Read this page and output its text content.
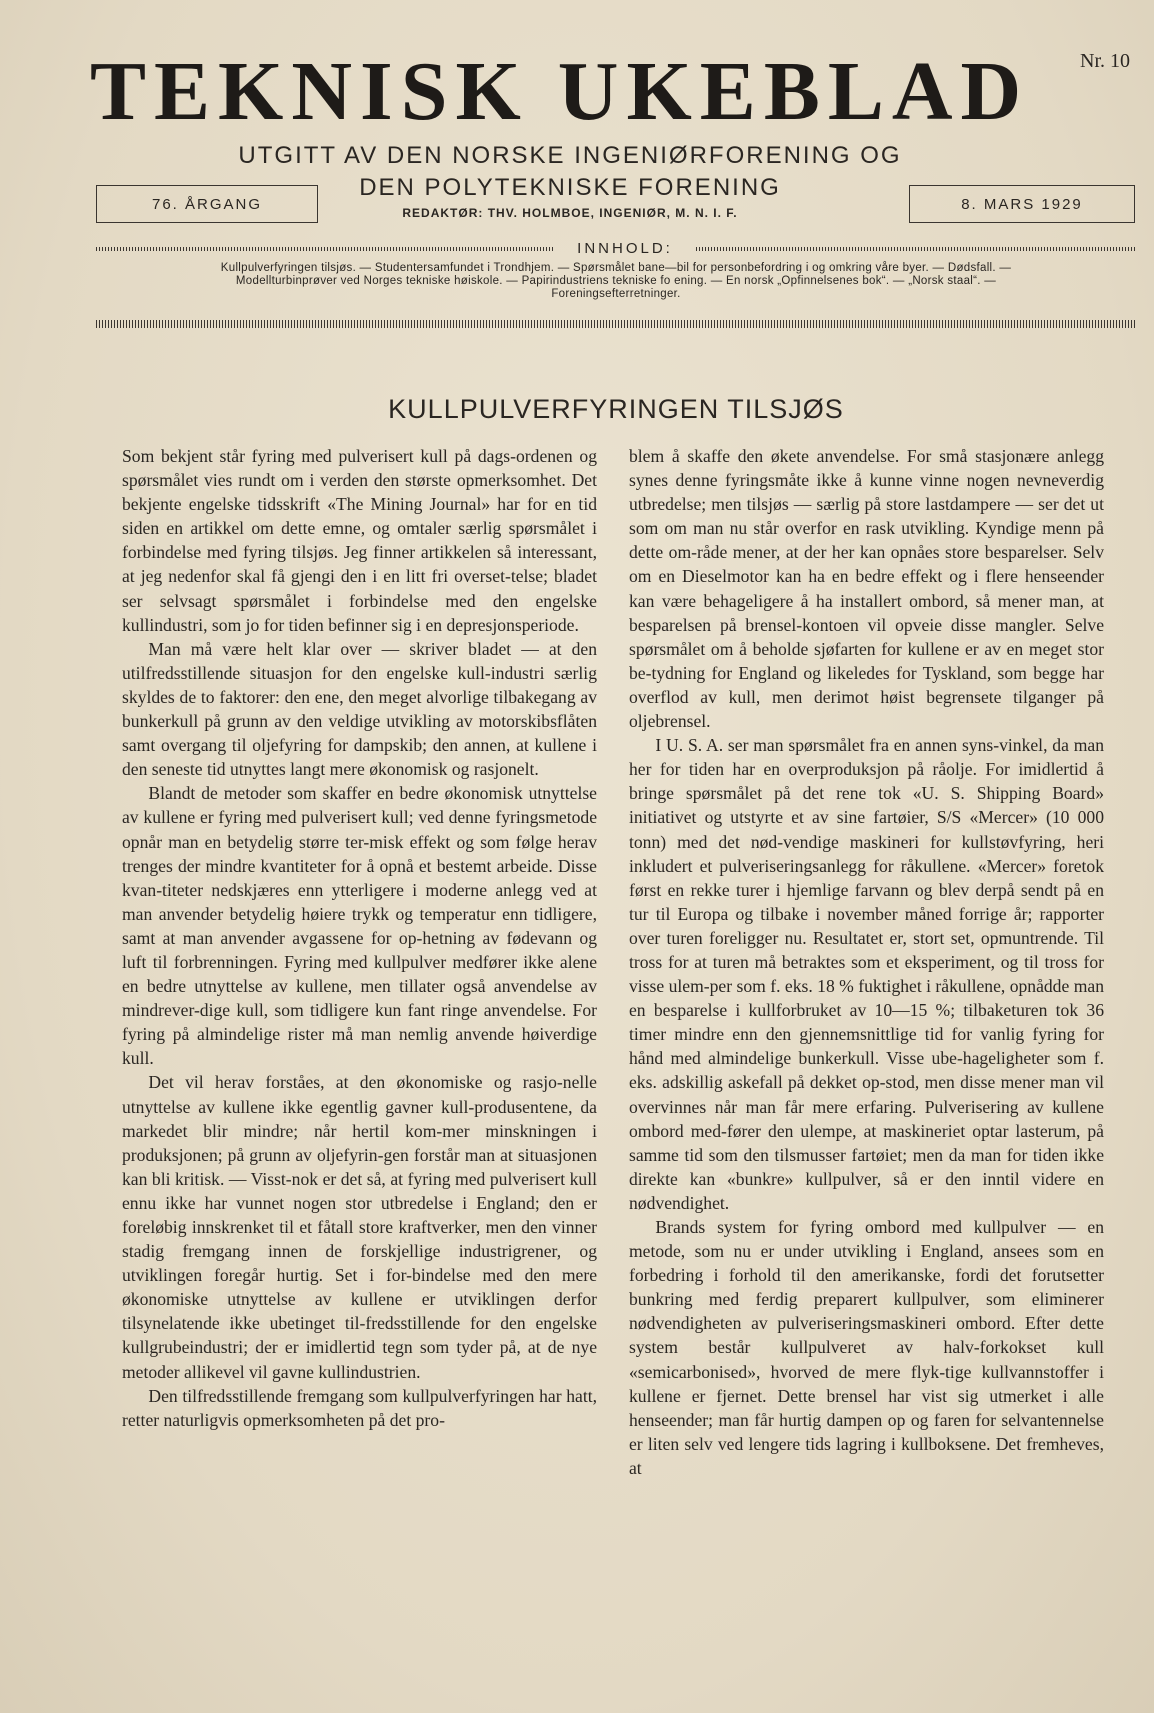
TEKNISK UKEBLAD	Nr. 10
UTGITT AV DEN NORSKE INGENIØRFORENING OG
DEN POLYTEKNISKE FORENING
REDAKTØR: THV. HOLMBOE, INGENIØR, M. N. I. F.
76. ÅRGANG	8. MARS 1929
INNHOLD:
Kullpulverfyringen tilsjøs. — Studentersamfundet i Trondhjem. — Spørsmålet bane—bil for personbefordring i og omkring våre byer. — Dødsfall. —
Modellturbinprøver ved Norges tekniske høiskole. — Papirindustriens tekniske fo ening. — En norsk „Opfinnelsenes bok“. — „Norsk staal“. —
Foreningsefterretninger.
KULLPULVERFYRINGEN TILSJØS

Som bekjent står fyring med pulverisert kull på dags-ordenen og spørsmålet vies rundt om i verden den største opmerksomhet. Det bekjente engelske tidsskrift «The Mining Journal» har for en tid siden en artikkel om dette emne, og omtaler særlig spørsmålet i forbindelse med fyring tilsjøs. Jeg finner artikkelen så interessant, at jeg nedenfor skal få gjengi den i en litt fri overset-telse; bladet ser selvsagt spørsmålet i forbindelse med den engelske kullindustri, som jo for tiden befinner sig i en depresjonsperiode.

Man må være helt klar over — skriver bladet — at den utilfredsstillende situasjon for den engelske kull-industri særlig skyldes de to faktorer: den ene, den meget alvorlige tilbakegang av bunkerkull på grunn av den veldige utvikling av motorskibsflåten samt overgang til oljefyring for dampskib; den annen, at kullene i den seneste tid utnyttes langt mere økonomisk og rasjonelt.

Blandt de metoder som skaffer en bedre økonomisk utnyttelse av kullene er fyring med pulverisert kull; ved denne fyringsmetode opnår man en betydelig større ter-misk effekt og som følge herav trenges der mindre kvantiteter for å opnå et bestemt arbeide. Disse kvan-titeter nedskjæres enn ytterligere i moderne anlegg ved at man anvender betydelig høiere trykk og temperatur enn tidligere, samt at man anvender avgassene for op-hetning av fødevann og luft til forbrenningen. Fyring med kullpulver medfører ikke alene en bedre utnyttelse av kullene, men tillater også anvendelse av mindrever-dige kull, som tidligere kun fant ringe anvendelse. For fyring på almindelige rister må man nemlig anvende høiverdige kull.

Det vil herav forståes, at den økonomiske og rasjo-nelle utnyttelse av kullene ikke egentlig gavner kull-produsentene, da markedet blir mindre; når hertil kom-mer minskningen i produksjonen; på grunn av oljefyrin-gen forstår man at situasjonen kan bli kritisk. — Visst-nok er det så, at fyring med pulverisert kull ennu ikke har vunnet nogen stor utbredelse i England; den er foreløbig innskrenket til et fåtall store kraftverker, men den vinner stadig fremgang innen de forskjellige industrigrener, og utviklingen foregår hurtig. Set i for-bindelse med den mere økonomiske utnyttelse av kullene er utviklingen derfor tilsynelatende ikke ubetinget til-fredsstillende for den engelske kullgrubeindustri; der er imidlertid tegn som tyder på, at de nye metoder allikevel vil gavne kullindustrien.

Den tilfredsstillende fremgang som kullpulverfyringen har hatt, retter naturligvis opmerksomheten på det pro-

blem å skaffe den økete anvendelse. For små stasjonære anlegg synes denne fyringsmåte ikke å kunne vinne nogen nevneverdig utbredelse; men tilsjøs — særlig på store lastdampere — ser det ut som om man nu står overfor en rask utvikling. Kyndige menn på dette om-råde mener, at der her kan opnåes store besparelser. Selv om en Dieselmotor kan ha en bedre effekt og i flere henseender kan være behageligere å ha installert ombord, så mener man, at besparelsen på brensel-kontoen vil opveie disse mangler. Selve spørsmålet om å beholde sjøfarten for kullene er av en meget stor be-tydning for England og likeledes for Tyskland, som begge har overflod av kull, men derimot høist begrensete tilganger på oljebrensel.

I U. S. A. ser man spørsmålet fra en annen syns-vinkel, da man her for tiden har en overproduksjon på råolje. For imidlertid å bringe spørsmålet på det rene tok «U. S. Shipping Board» initiativet og utstyrte et av sine fartøier, S/S «Mercer» (10 000 tonn) med det nød-vendige maskineri for kullstøvfyring, heri inkludert et pulveriseringsanlegg for råkullene. «Mercer» foretok først en rekke turer i hjemlige farvann og blev derpå sendt på en tur til Europa og tilbake i november måned forrige år; rapporter over turen foreligger nu. Resultatet er, stort set, opmuntrende. Til tross for at turen må betraktes som et eksperiment, og til tross for visse ulem-per som f. eks. 18 % fuktighet i råkullene, opnådde man en besparelse i kullforbruket av 10—15 %; tilbaketuren tok 36 timer mindre enn den gjennemsnittlige tid for vanlig fyring for hånd med almindelige bunkerkull. Visse ube-hageligheter som f. eks. adskillig askefall på dekket op-stod, men disse mener man vil overvinnes når man får mere erfaring. Pulverisering av kullene ombord med-fører den ulempe, at maskineriet optar lasterum, på samme tid som den tilsmusser fartøiet; men da man for tiden ikke direkte kan «bunkre» kullpulver, så er den inntil videre en nødvendighet.

Brands system for fyring ombord med kullpulver — en metode, som nu er under utvikling i England, ansees som en forbedring i forhold til den amerikanske, fordi det forutsetter bunkring med ferdig preparert kullpulver, som eliminerer nødvendigheten av pulveriseringsmaskineri ombord. Efter dette system består kullpulveret av halv-forkokset kull «semicarbonised», hvorved de mere flyk-tige kullvannstoffer i kullene er fjernet. Dette brensel har vist sig utmerket i alle henseender; man får hurtig dampen op og faren for selvantennelse er liten selv ved lengere tids lagring i kullboksene. Det fremheves, at
